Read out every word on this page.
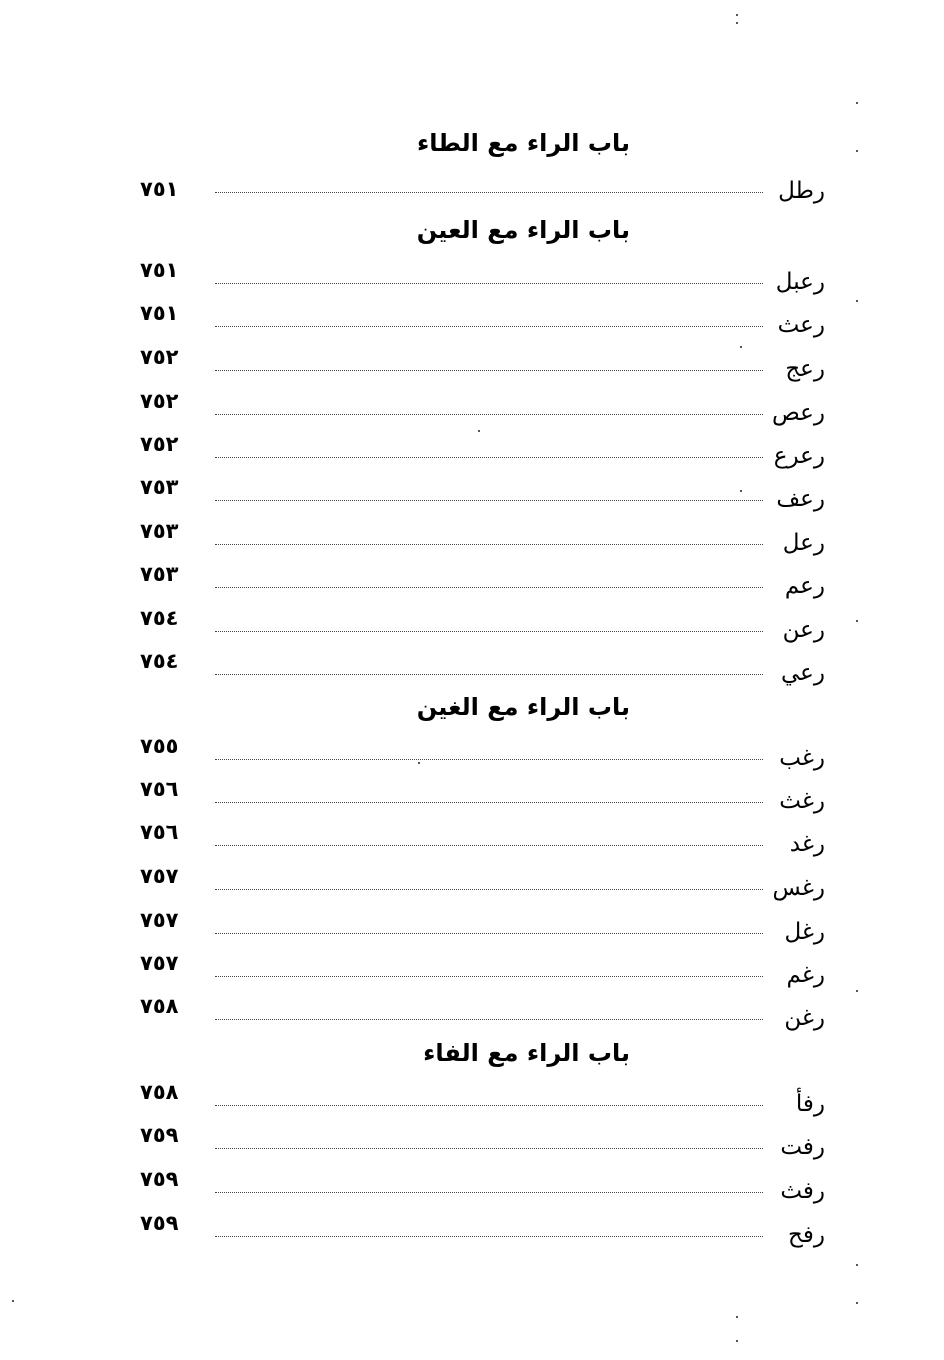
باب الراء مع الطاء
رطل
٧٥١
باب الراء مع العين
رعبل
٧٥١
رعث
٧٥١
رعج
٧٥٢
رعص
٧٥٢
رعرع
٧٥٢
رعف
٧٥٣
رعل
٧٥٣
رعم
٧٥٣
رعن
٧٥٤
رعي
٧٥٤
باب الراء مع الغين
رغب
٧٥٥
رغث
٧٥٦
رغد
٧٥٦
رغس
٧٥٧
رغل
٧٥٧
رغم
٧٥٧
رغن
٧٥٨
باب الراء مع الفاء
رفأ
٧٥٨
رفت
٧٥٩
رفث
٧٥٩
رفح
٧٥٩
